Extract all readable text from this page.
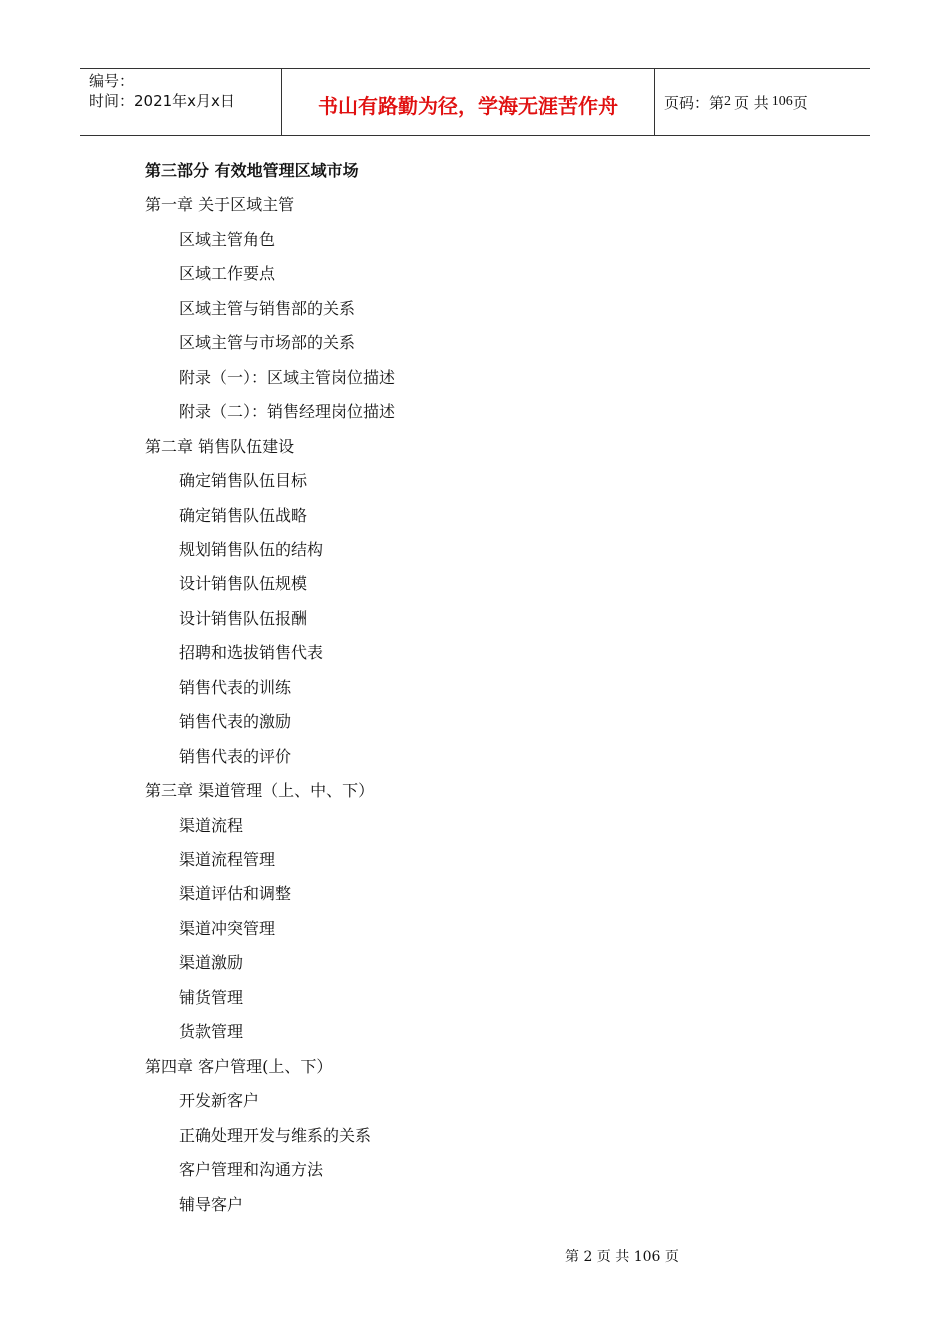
编号：
时间：2021年x月x日	书山有路勤为径，学海无涯苦作舟	页码：第 2 页 共 106 页
第三部分 有效地管理区域市场
第一章 关于区域主管
区域主管角色
区域工作要点
区域主管与销售部的关系
区域主管与市场部的关系
附录（一）：区域主管岗位描述
附录（二）：销售经理岗位描述
第二章 销售队伍建设
确定销售队伍目标
确定销售队伍战略
规划销售队伍的结构
设计销售队伍规模
设计销售队伍报酬
招聘和选拔销售代表
销售代表的训练
销售代表的激励
销售代表的评价
第三章 渠道管理（上、中、下）
渠道流程
渠道流程管理
渠道评估和调整
渠道冲突管理
渠道激励
铺货管理
货款管理
第四章 客户管理(上、下）
开发新客户
正确处理开发与维系的关系
客户管理和沟通方法
辅导客户
第 2 页 共 106 页
